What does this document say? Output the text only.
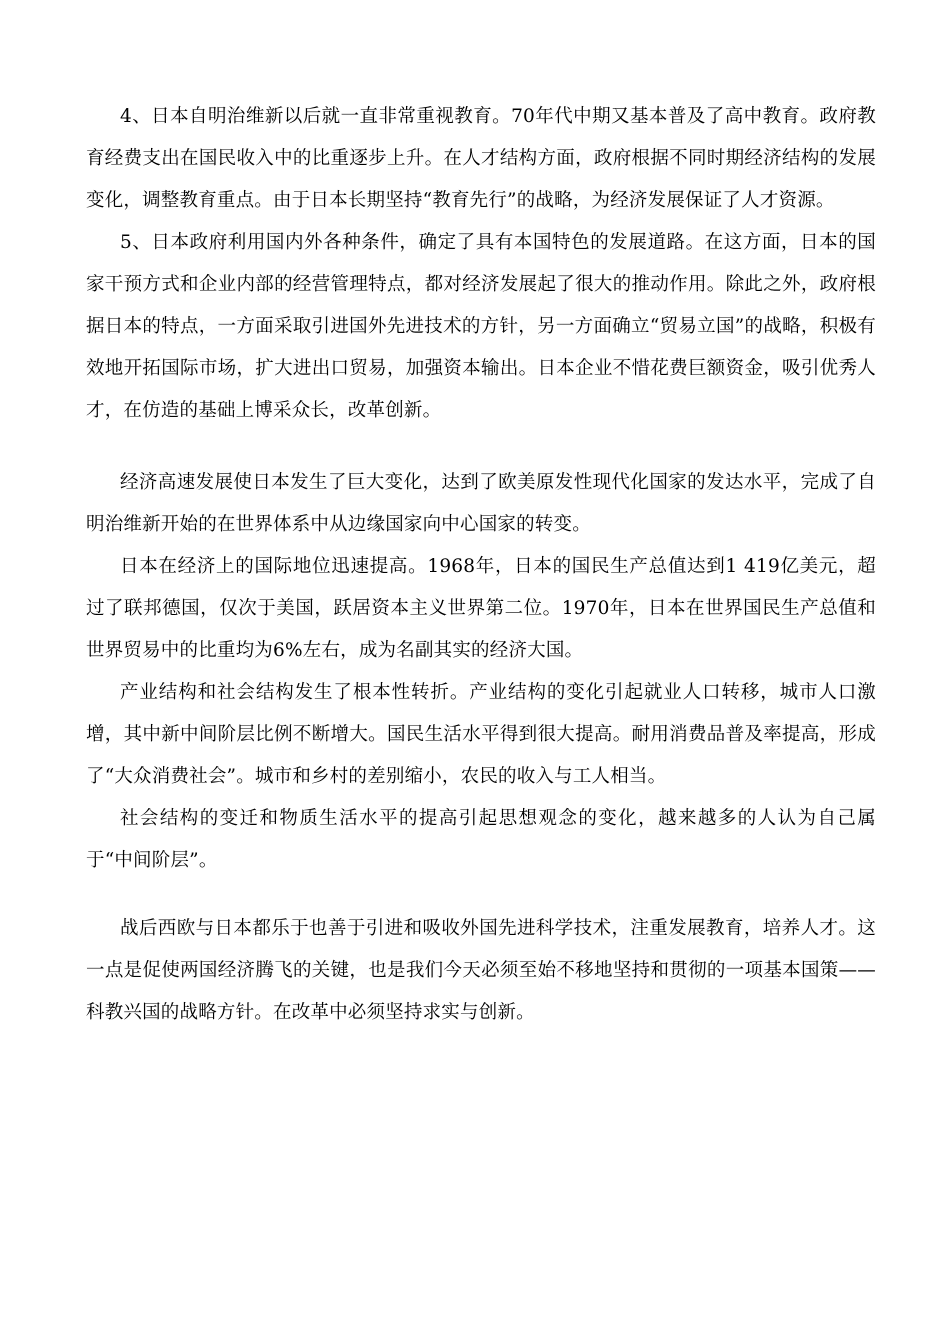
4、日本自明治维新以后就一直非常重视教育。70年代中期又基本普及了高中教育。政府教育经费支出在国民收入中的比重逐步上升。在人才结构方面，政府根据不同时期经济结构的发展变化，调整教育重点。由于日本长期坚持“教育先行”的战略，为经济发展保证了人才资源。

5、日本政府利用国内外各种条件，确定了具有本国特色的发展道路。在这方面，日本的国家干预方式和企业内部的经营管理特点，都对经济发展起了很大的推动作用。除此之外，政府根据日本的特点，一方面采取引进国外先进技术的方针，另一方面确立“贸易立国”的战略，积极有效地开拓国际市场，扩大进出口贸易，加强资本输出。日本企业不惜花费巨额资金，吸引优秀人才，在仿造的基础上博采众长，改革创新。

经济高速发展使日本发生了巨大变化，达到了欧美原发性现代化国家的发达水平，完成了自明治维新开始的在世界体系中从边缘国家向中心国家的转变。

日本在经济上的国际地位迅速提高。1968年，日本的国民生产总值达到1 419亿美元，超过了联邦德国，仅次于美国，跃居资本主义世界第二位。1970年，日本在世界国民生产总值和世界贸易中的比重均为6%左右，成为名副其实的经济大国。

产业结构和社会结构发生了根本性转折。产业结构的变化引起就业人口转移，城市人口激增，其中新中间阶层比例不断增大。国民生活水平得到很大提高。耐用消费品普及率提高，形成了“大众消费社会”。城市和乡村的差别缩小，农民的收入与工人相当。

社会结构的变迁和物质生活水平的提高引起思想观念的变化，越来越多的人认为自己属于“中间阶层”。

战后西欧与日本都乐于也善于引进和吸收外国先进科学技术，注重发展教育，培养人才。这一点是促使两国经济腾飞的关键，也是我们今天必须至始不移地坚持和贯彻的一项基本国策——科教兴国的战略方针。在改革中必须坚持求实与创新。
